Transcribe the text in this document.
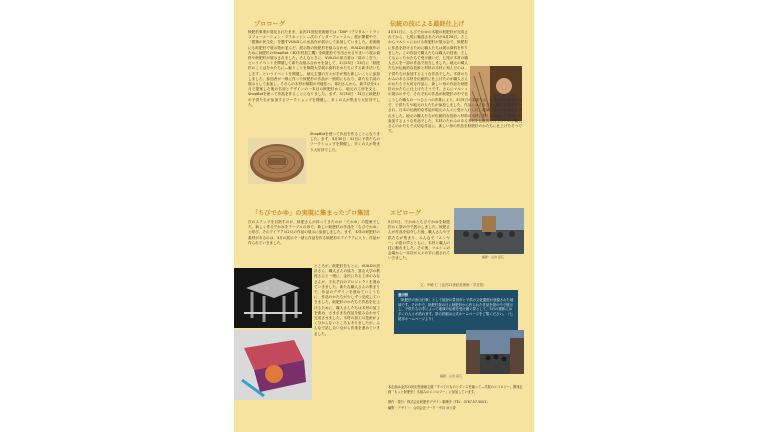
プロローグ

飫肥杉事業が発足されたまま、金沢21世紀美術館では「DXP（デジタル・トランスフォーメーション・プラネット）―次のインターフェースへ」展が開催中で、「建築の民主化」を題すVUILDらの出品作が展示して参加していました。美術館にも飫肥杉で展示物が並んだ、展示物の飫肥杉を組み合わせ、VUILDの新旗作のために飫肥杉のShopBot（3D木材加工機）を飫肥杉で引出させるやまいう展示資料や飫肥杉が展示されました。そんなときに、VUILDの担当者は「扉のこぎり」というイベントを開催して新たな組み合わせを話して、2月23日・24日に「飫肥杉のことばをかたちに―触りことを無限大学展示資料をかたちにする新手法いちしきす」というイベントを開催し、地元主催の方々が手が刻む新しいことに参加しました。参加者が一緒に作った飫肥杉の作品が一般的にもなり、新たな名前の展示として参加し、それらの木材が無限の可能性へ。寒田さんから、新手法を1ヵ月で提案した後の名前とデザインの一本目の飫肥杉から、地元の工房を支え、ShopBotを使って作品を作ることになりました。まず、3月30日・31日に飫肥杉の子供たちが参加するワークショップを開催し、多くの人が集まり大好評でした。

ShopBotを使って作品を作ることになりました。まず、3月30日・31日に子供たちのワークショップを開催し、多くの人が集まり大好評でした。

伝統の技による最終仕上げ

3月31日に、もびでかゆの木製の飫肥杉が完成されてから、七尾に輸送されたのが4月26日。そこからマルシェにおける飫肥杉が展示会で、飫肥杉に作品を設けるために職人たちは展示資料を作りました。この作品で職人たちは職人の技術、そしてもらったかたちで受け継いだ、七尾の木材の職人さんを一部の作品で担当しました。地元の職人たちが伝統的な技術と材料の木材に刻んだのは、子供たちが参加するような作品でした。木材のたわみのある木材を伝統的に仕上げたのが職人さんのかたちで大切な作品に、新しい形の作品を飫肥杉のかたちに仕上げたそうです。さらにマルシェの展示の中で、それぞれの作品が飫肥杉の中で伝

こうした職人の一つひとつの作業により、5月5日の本番では、作品の木の香りの中で、子供たちや地元の人たちが参加しました。作品にはそれぞれの職人の技が生かされ、日本の伝統的な作品が地元の人々に受け入れられ、地域に新しい作品が生まれました。地元の職人たちが伝統的な技術と材料の木材に刻んだのは、子供たちが参加するような作品でした。木材のたわみのある木材を伝統的に仕上げたのが職人さんのかたちで大切な作品に、新しい形の作品を飫肥杉のかたちに仕上げたそうです。

「ちびでかゆ」の実現に集まったプロ集団

次のステップを目指すのが、飫肥さんが持ってきたのが「でかゆ」の提案でした。新しく作るでかゆをテーブルの形で、新しい飫肥杉の作品を「ちびでかゆ」と呼び、そのアイデアは2月の作品の展示に参加しました。まず、本体の飫肥杉の素材があるのは、3月の展示で一緒に作品を作る飫肥杉のアイデアに入り、作品が作られていきました。

ところが、飫肥杉をもとに、VUILDの設計さん、職人さんの協力、富山大学の教授さんと一緒に、金沢にある工房のみなさんが、それぞれのプロジェクトを進めていきました。新たな職人さんの集まりで、作品のデザインを進めていくうちに、作品のかたちが少しずつ完成していきました。飫肥杉のかたちで作品を仕上げるために、職人さんたちは木材の加工を進め、さまざまな作品を組み合わせて完成させました。木材の加工の技術がよく分からないところもありましたが、みんなで話し合いながら作業を進めていきました。

エピローグ

5月5日、でかゆとちびでかゆを飫肥杉から祭の中で展示しました。飫肥さんが作品を紹介した後、職人さんや子供たちが集まり、みんなで「エンヤー」の掛け声とともに、木材と職人の技に触れました。その後、マルシェの会場から一本目が人々の手に渡されていきました。	撮影：山田 高広
文：中嶋 仁（金沢21世紀美術館・学芸員）
豊田祭
「飫肥杉の魚山行事」として能登の豊田市と子供の文化遺産が登録された地域です。その中で、飫肥杉祭の日に飫肥杉から作られた作品を祭の中で展示し、子供たちの手によって地域の伝統を受け継ぐ祭として、5月の連休には多くの人々が訪れます。祭の詳細は公式ホームページをご覧ください。（七尾市ホームページより）
撮影：山田 高広
本企画は金沢21世紀美術館主催「すべてのものとダンスを踊って―共振のエコロジー」関連企画「もっと飫肥杉！木組みのエコロジー」に参加しています。
制作・発行：株式会社飫肥杉デザイン事務所（TEL：0767-57-5003）
編集・デザイン：合同会社ブーク・中川 ゆう香
